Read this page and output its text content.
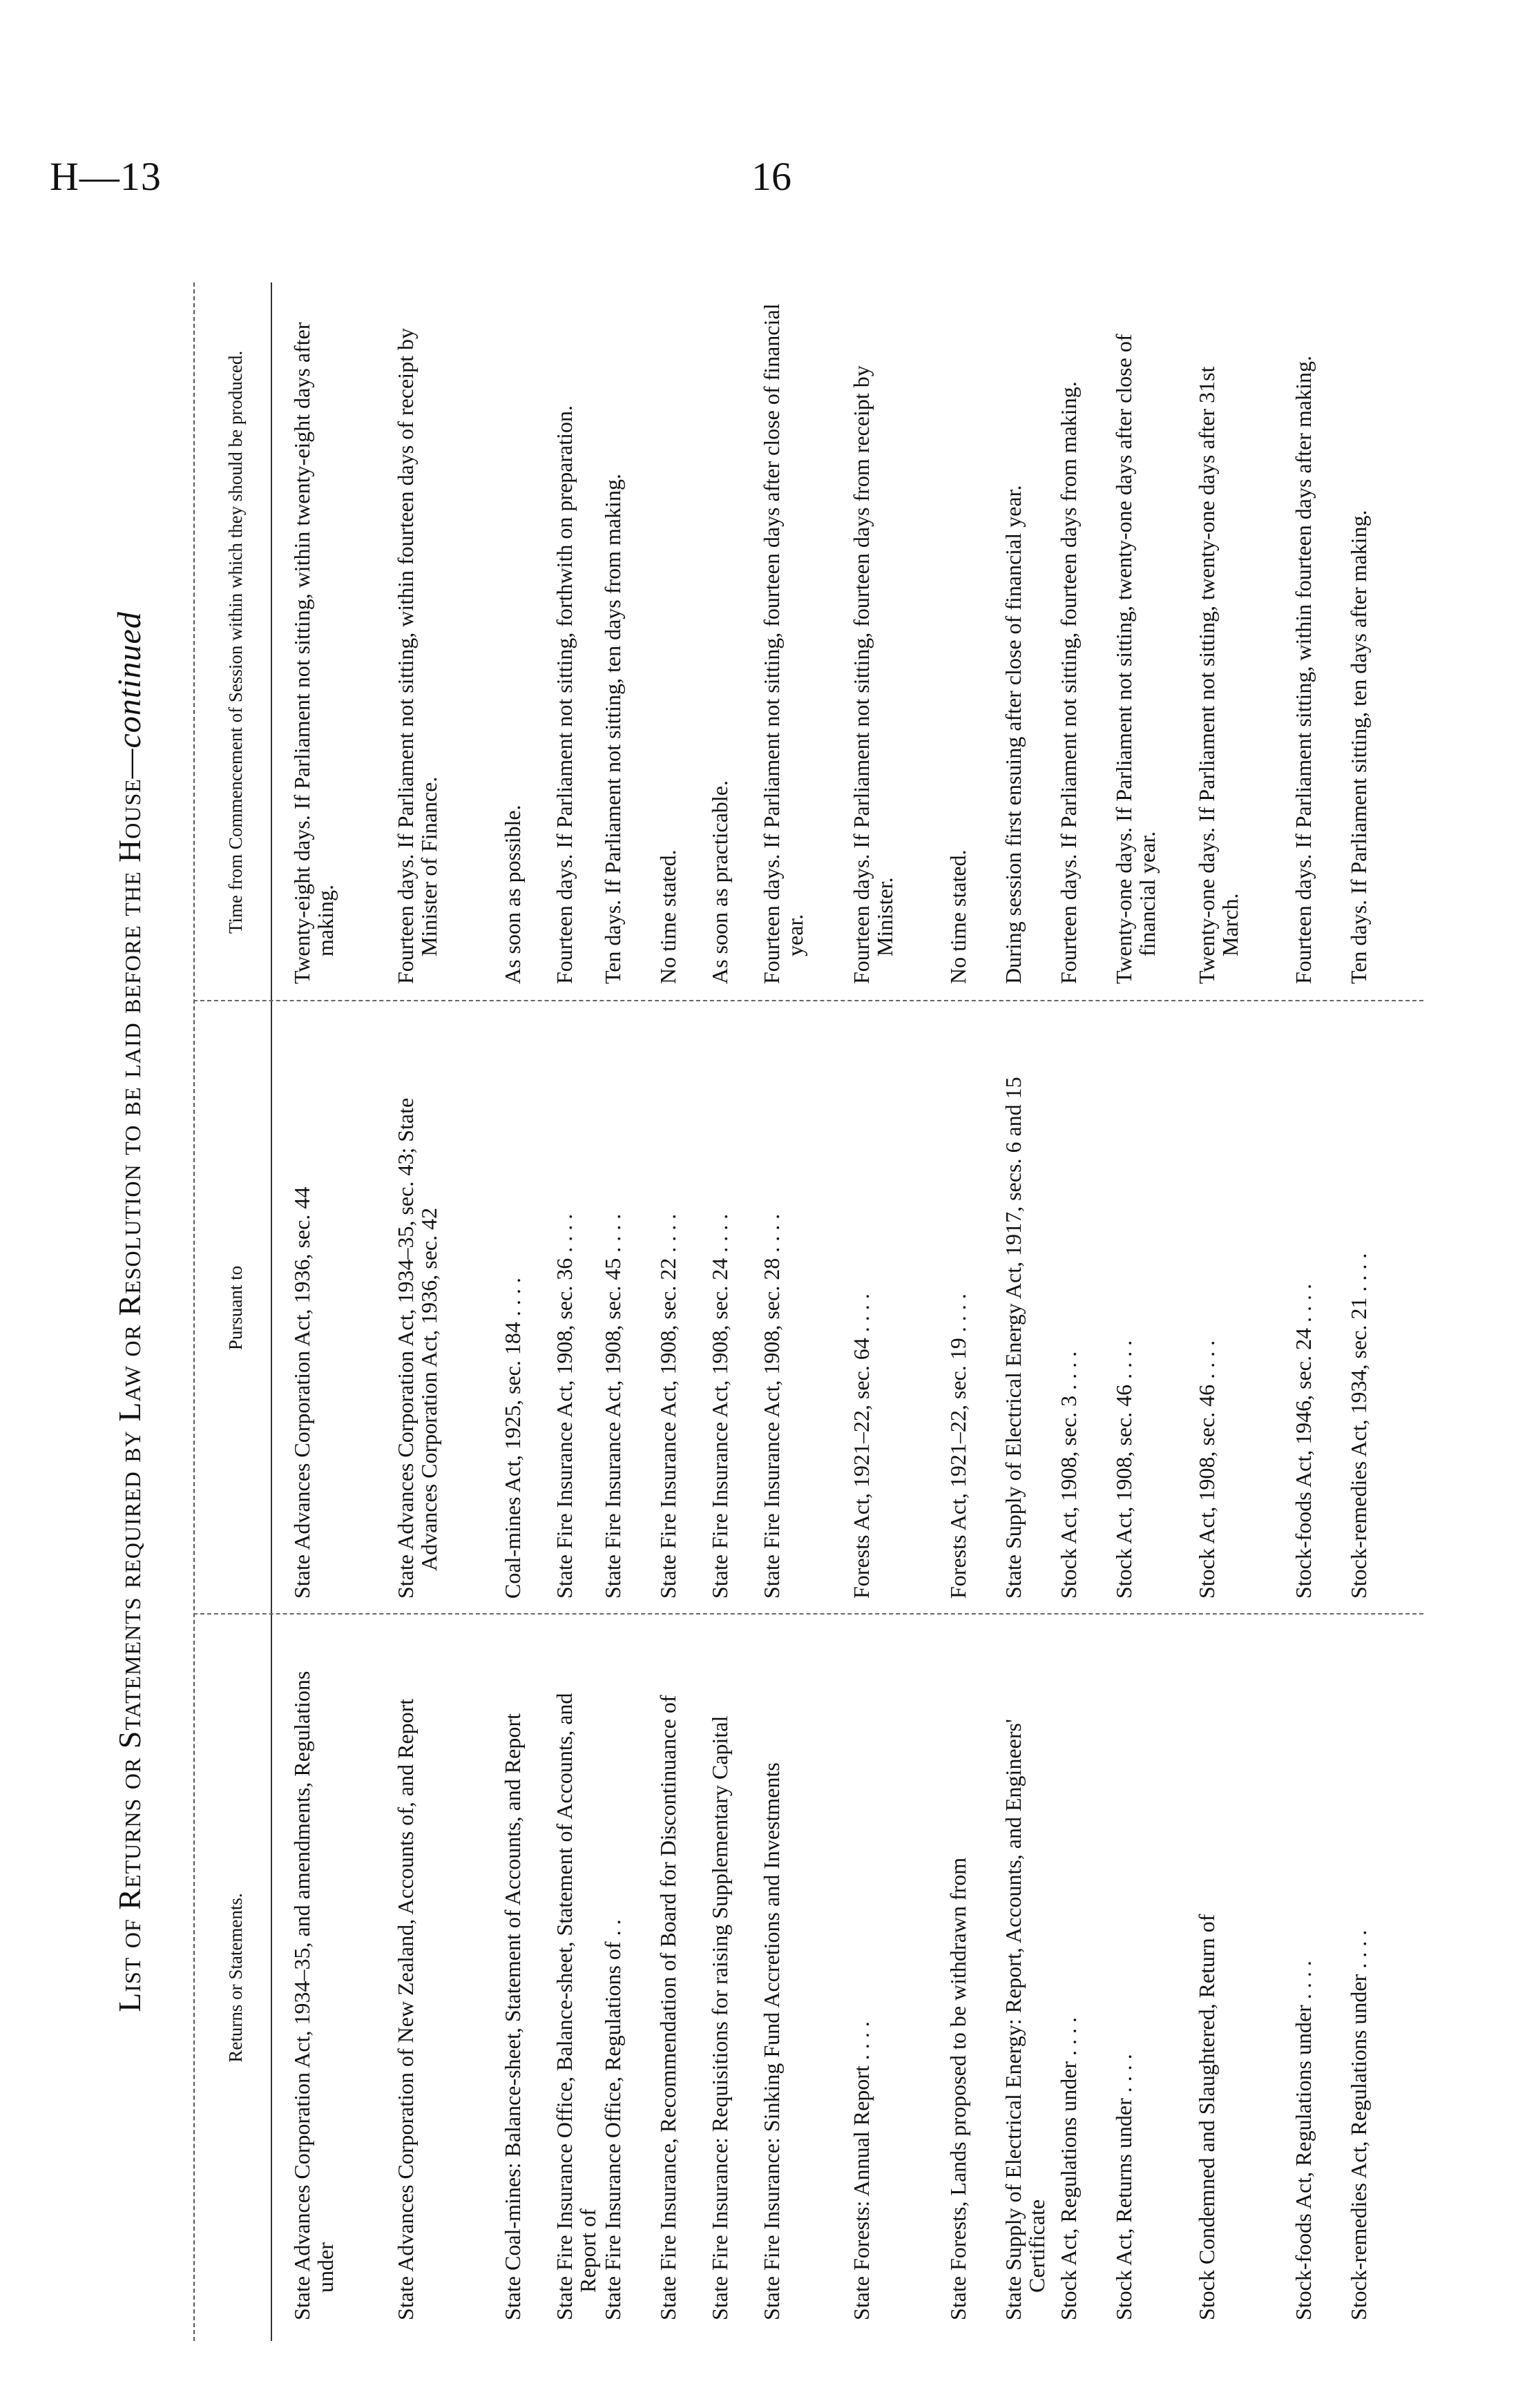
H—13	16
List of Returns or Statements required by Law or Resolution to be laid before the House—continued
Returns or Statements.
Pursuant to
Time from Commencement of Session within which they should be produced.
State Advances Corporation Act, 1934–35, and amendments, Regulations under
State Advances Corporation Act, 1936, sec. 44
Twenty-eight days. If Parliament not sitting, within twenty-eight days after making.
State Advances Corporation of New Zealand, Accounts of, and Report
State Advances Corporation Act, 1934–35, sec. 43; State Advances Corporation Act, 1936, sec. 42
Fourteen days. If Parliament not sitting, within fourteen days of receipt by Minister of Finance.
State Coal-mines: Balance-sheet, Statement of Accounts, and Report
Coal-mines Act, 1925, sec. 184 . . . .
As soon as possible.
State Fire Insurance Office, Balance-sheet, Statement of Accounts, and Report of
State Fire Insurance Act, 1908, sec. 36 . . . .
Fourteen days. If Parliament not sitting, forthwith on preparation.
State Fire Insurance Office, Regulations of . .
State Fire Insurance Act, 1908, sec. 45 . . . .
Ten days. If Parliament not sitting, ten days from making.
State Fire Insurance, Recommendation of Board for Discontinuance of
State Fire Insurance Act, 1908, sec. 22 . . . .
No time stated.
State Fire Insurance: Requisitions for raising Supplementary Capital
State Fire Insurance Act, 1908, sec. 24 . . . .
As soon as practicable.
State Fire Insurance: Sinking Fund Accretions and Investments
State Fire Insurance Act, 1908, sec. 28 . . . .
Fourteen days. If Parliament not sitting, fourteen days after close of financial year.
State Forests: Annual Report . . . .
Forests Act, 1921–22, sec. 64 . . . .
Fourteen days. If Parliament not sitting, fourteen days from receipt by Minister.
State Forests, Lands proposed to be withdrawn from
Forests Act, 1921–22, sec. 19 . . . .
No time stated.
State Supply of Electrical Energy: Report, Accounts, and Engineers' Certificate
State Supply of Electrical Energy Act, 1917, secs. 6 and 15
During session first ensuing after close of financial year.
Stock Act, Regulations under . . . .
Stock Act, 1908, sec. 3 . . . .
Fourteen days. If Parliament not sitting, fourteen days from making.
Stock Act, Returns under . . . .
Stock Act, 1908, sec. 46 . . . .
Twenty-one days. If Parliament not sitting, twenty-one days after close of financial year.
Stock Condemned and Slaughtered, Return of
Stock Act, 1908, sec. 46 . . . .
Twenty-one days. If Parliament not sitting, twenty-one days after 31st March.
Stock-foods Act, Regulations under . . . .
Stock-foods Act, 1946, sec. 24 . . . .
Fourteen days. If Parliament sitting, within fourteen days after making.
Stock-remedies Act, Regulations under . . . .
Stock-remedies Act, 1934, sec. 21 . . . .
Ten days. If Parliament sitting, ten days after making.
